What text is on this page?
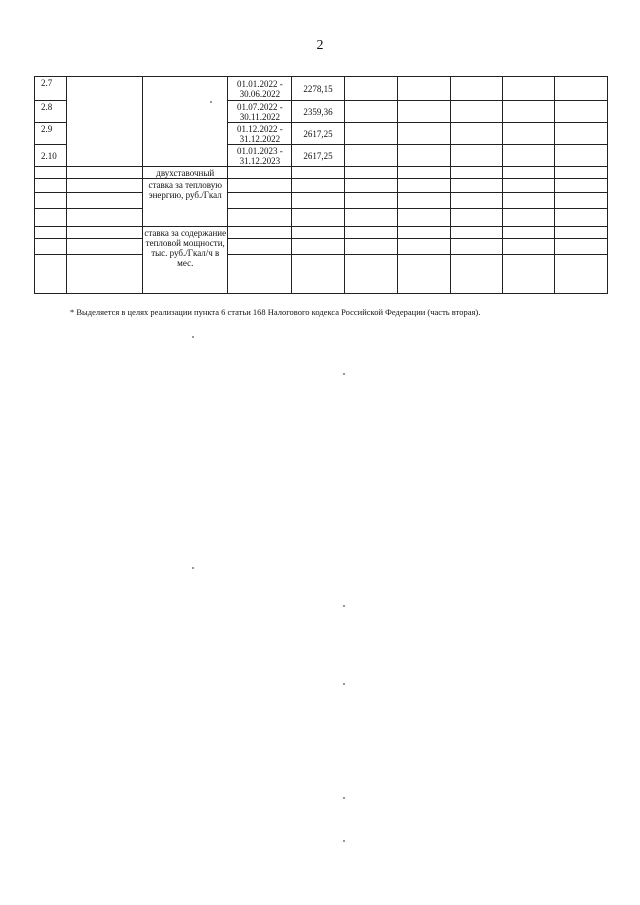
2
2.7			01.01.2022 - 30.06.2022	2278,15					
2.8			01.07.2022 - 30.11.2022	2359,36					
2.9			01.12.2022 - 31.12.2022	2617,25					
2.10			01.01.2023 - 31.12.2023	2617,25					
		двухставочный							
		ставка за тепловую энергию, руб./Гкал							

		ставка за содержание тепловой мощности, тыс. руб./Гкал/ч в мес.							

* Выделяется в целях реализации пункта 6 статьи 168 Налогового кодекса Российской Федерации (часть вторая).
